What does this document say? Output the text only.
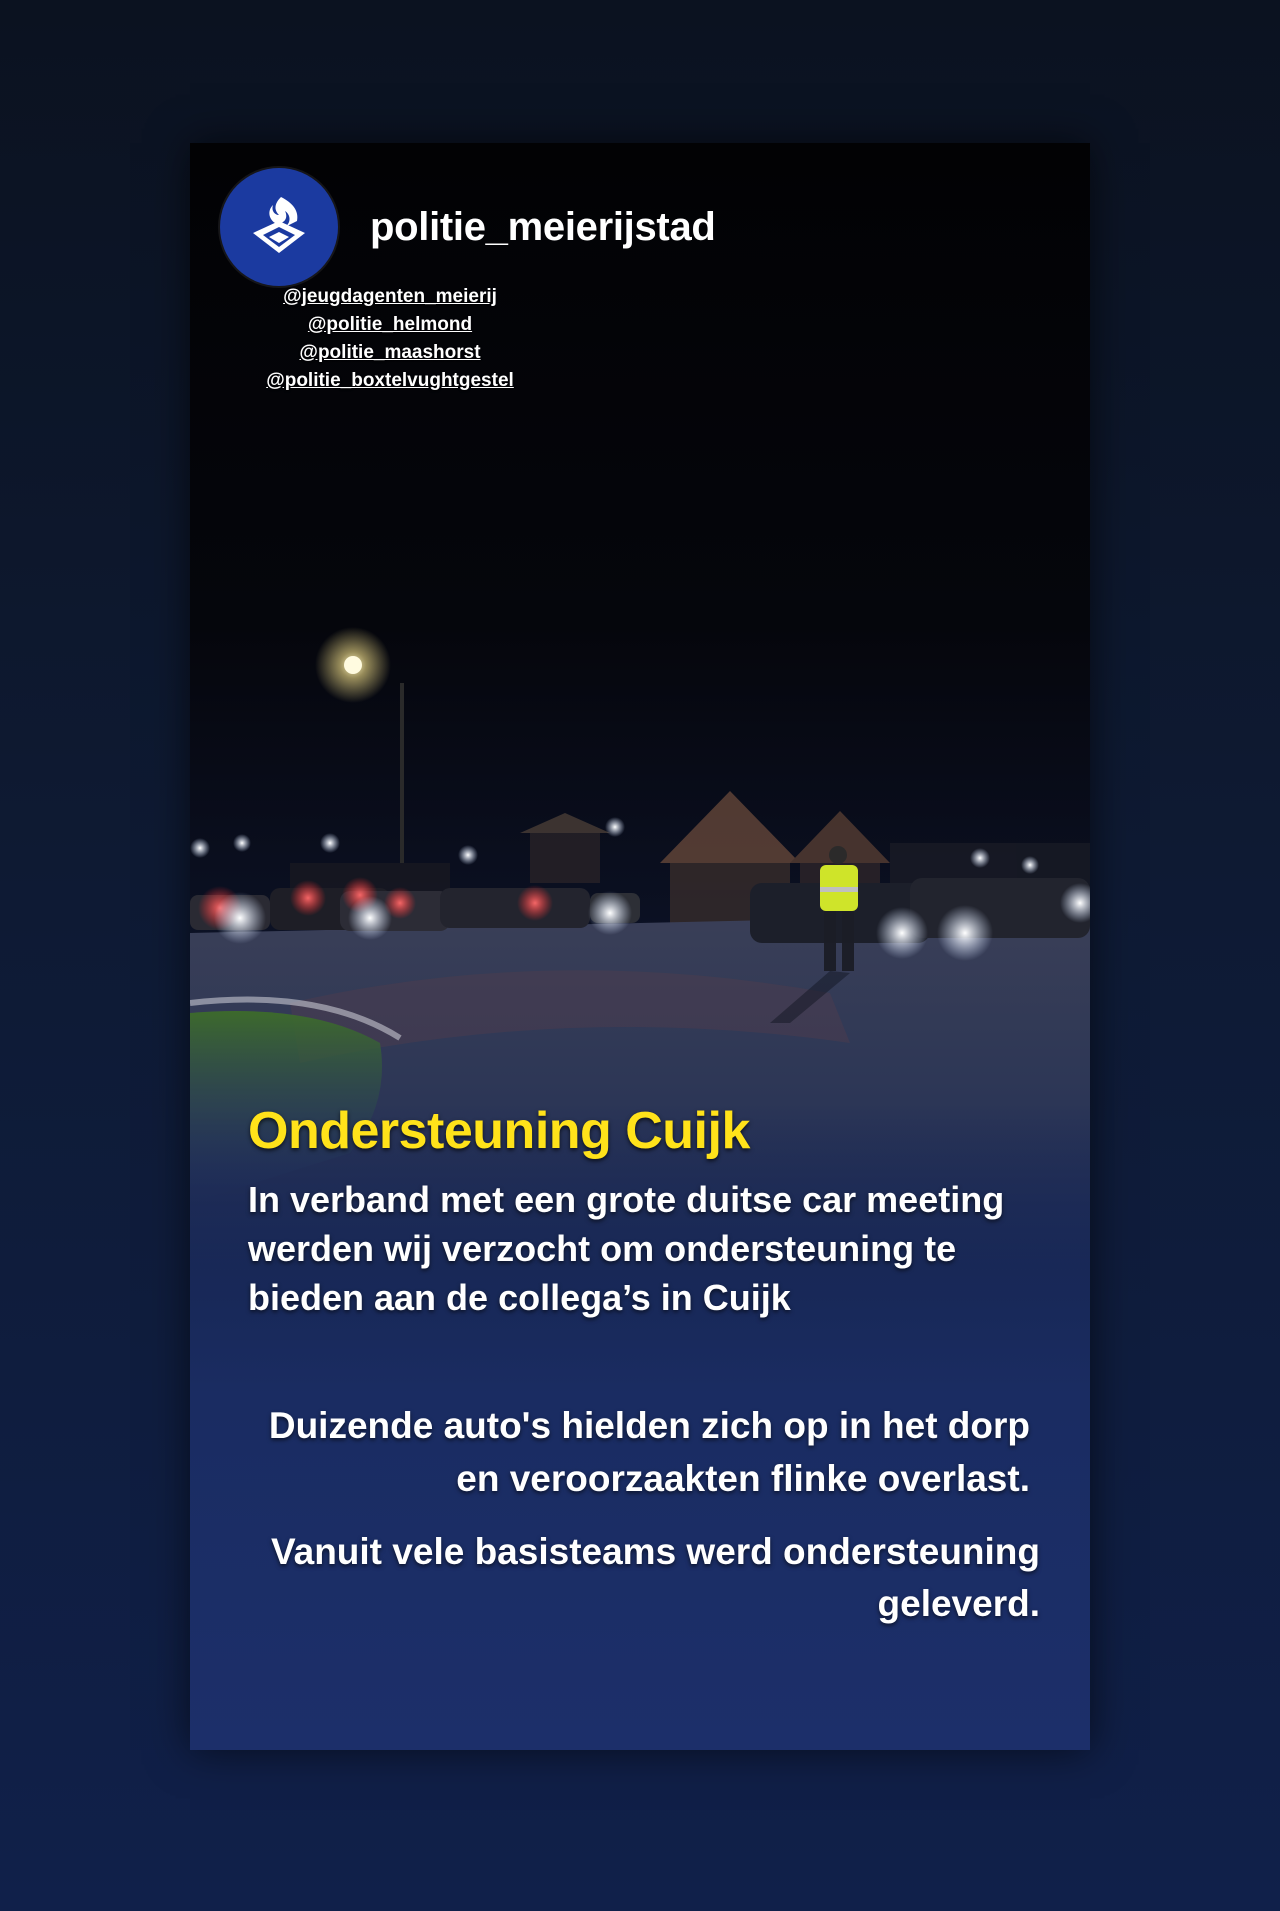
politie_meierijstad
@jeugdagenten_meierij
@politie_helmond
@politie_maashorst
@politie_boxtelvughtgestel
Ondersteuning Cuijk

In verband met een grote duitse car meeting werden wij verzocht om ondersteuning te bieden aan de collega’s in Cuijk

Duizende auto's hielden zich op in het dorp en veroorzaakten flinke overlast.

Vanuit vele basisteams werd ondersteuning geleverd.
